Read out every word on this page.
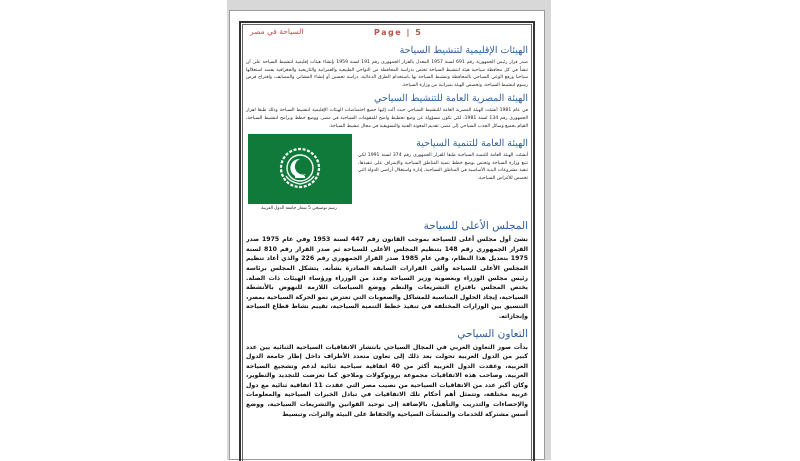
Page | 5
السياحة في مصر
الهيئات الإقليمية لتنشيط السياحة

صدر قرار رئيس الجمهورية رقم 691 لسنة 1957 المعدل بالقرار الجمهوري رقم 191 لسنة 1959 بإنشاء هيئات إقليمية لتنشيط السياحة على أن تنشأ في كل محافظة سياحية هيئة لتنشيط السياحة تختص بدراسة المحافظة من النواحي الطبيعية والعمرانية والتاريخية والجغرافية بقصد استغلالها سياحيا ورفع الوعي السياحي بالمحافظة وتنشيط السياحة بها باستخدام الطرق الدعائية، دراسة تحسين أو إنشاء المشاتي والمصايف، واقتراح فرض رسوم لتنشيط السياحة، وتخصص الهيئة بميزانية من وزارة السياحة.

الهيئة المصرية العامة للتنشيط السياحي

في عام 1981 أنشئت الهيئة المصرية العامة للتنشيط السياحي حيث آلت إليها جميع اختصاصات الهيئات الإقليمية لتنشيط السياحة وذلك طبقا لقرار الجمهوري رقم 134 لسنة 1981، لكي تكون مسؤولة عن وضع تخطيط واضح للمقومات السياحية في مصر، ووضع خطط وبرامج لتنشيط السياحة، القيام بجميع وسائل الجذب السياحي إلى مصر، تقديم المعونة الفنية والتسويقية في مجال تنشيط السياحة.

الهيئة العامة للتنمية السياحية

أنشئت الهيئة العامة للتنمية السياحية طبقا للقرار الجمهوري رقم 374 لسنة 1991 لكي تتبع وزارة السياحة وتختص بوضع خطط تنمية المناطق السياحية والإشراف على تنفيذها، تنفيذ مشروعات البنية الأساسية في المناطق السياحية، إدارة واستغلال أراضي الدولة التي تخصص للأغراض السياحية.

رسم توضيحي 5 شعار جامعة الدول العربية
المجلس الأعلى للسياحة

نشئ أول مجلس أعلى للسياحة بموجب القانون رقم 447 لسنة 1953 وفي عام 1975 صدر القرار الجمهوري رقم 148 بتنظيم المجلس الأعلى للسياحة ثم صدر القرار رقم 810 لسنة 1975 بتعديل هذا النظام، وفي عام 1985 صدر القرار الجمهوري رقم 226 والذي أعاد تنظيم المجلس الأعلى للسياحة وألغى القرارات السابقة الصادرة بشأنه. يتشكل المجلس برئاسة رئيس مجلس الوزراء وبعضوية وزير السياحة وعدد من الوزراء ورؤساء الهيئات ذات الصلة. يختص المجلس باقتراح التشريعات والنظم ووضع السياسات اللازمة للنهوض بالأنشطة السياحية، إيجاد الحلول المناسبة للمشاكل والصعوبات التي تعترض نمو الحركة السياحية بمصر، التنسيق بين الوزارات المختلفة في تنفيذ خطط التنمية السياحية، تقييم نشاط قطاع السياحة وإنجازاته.

التعاون السياحي

بدأت صور التعاون العربي في المجال السياحي بانتشار الاتفاقيات السياحية الثنائية بين عدد كبير من الدول العربية تحولت بعد ذلك إلى تعاون متعدد الأطراف داخل إطار جامعة الدول العربية، وعقدت الدول العربية أكثر من 40 اتفاقية سياحية ثنائية لدعم وتشجيع السياحة العربية. وصاحب هذه الاتفاقيات مجموعة بروتوكولات وملاحق كما تعرضت للتجديد والتطوير، وكان أكبر عدد من الاتفاقيات السياحية من نصيب مصر التي عقدت 11 اتفاقية ثنائية مع دول عربية مختلفة، وتتمثل أهم أحكام تلك الاتفاقيات في تبادل الخبرات السياحية والمعلومات والإحصاءات والتدريب والتأهيل، بالإضافة إلى توحيد القوانين والتشريعات السياحية، ووضع أسس مشتركة للخدمات والمنشآت السياحية والحفاظ على البيئة والتراث، وتبسيط
